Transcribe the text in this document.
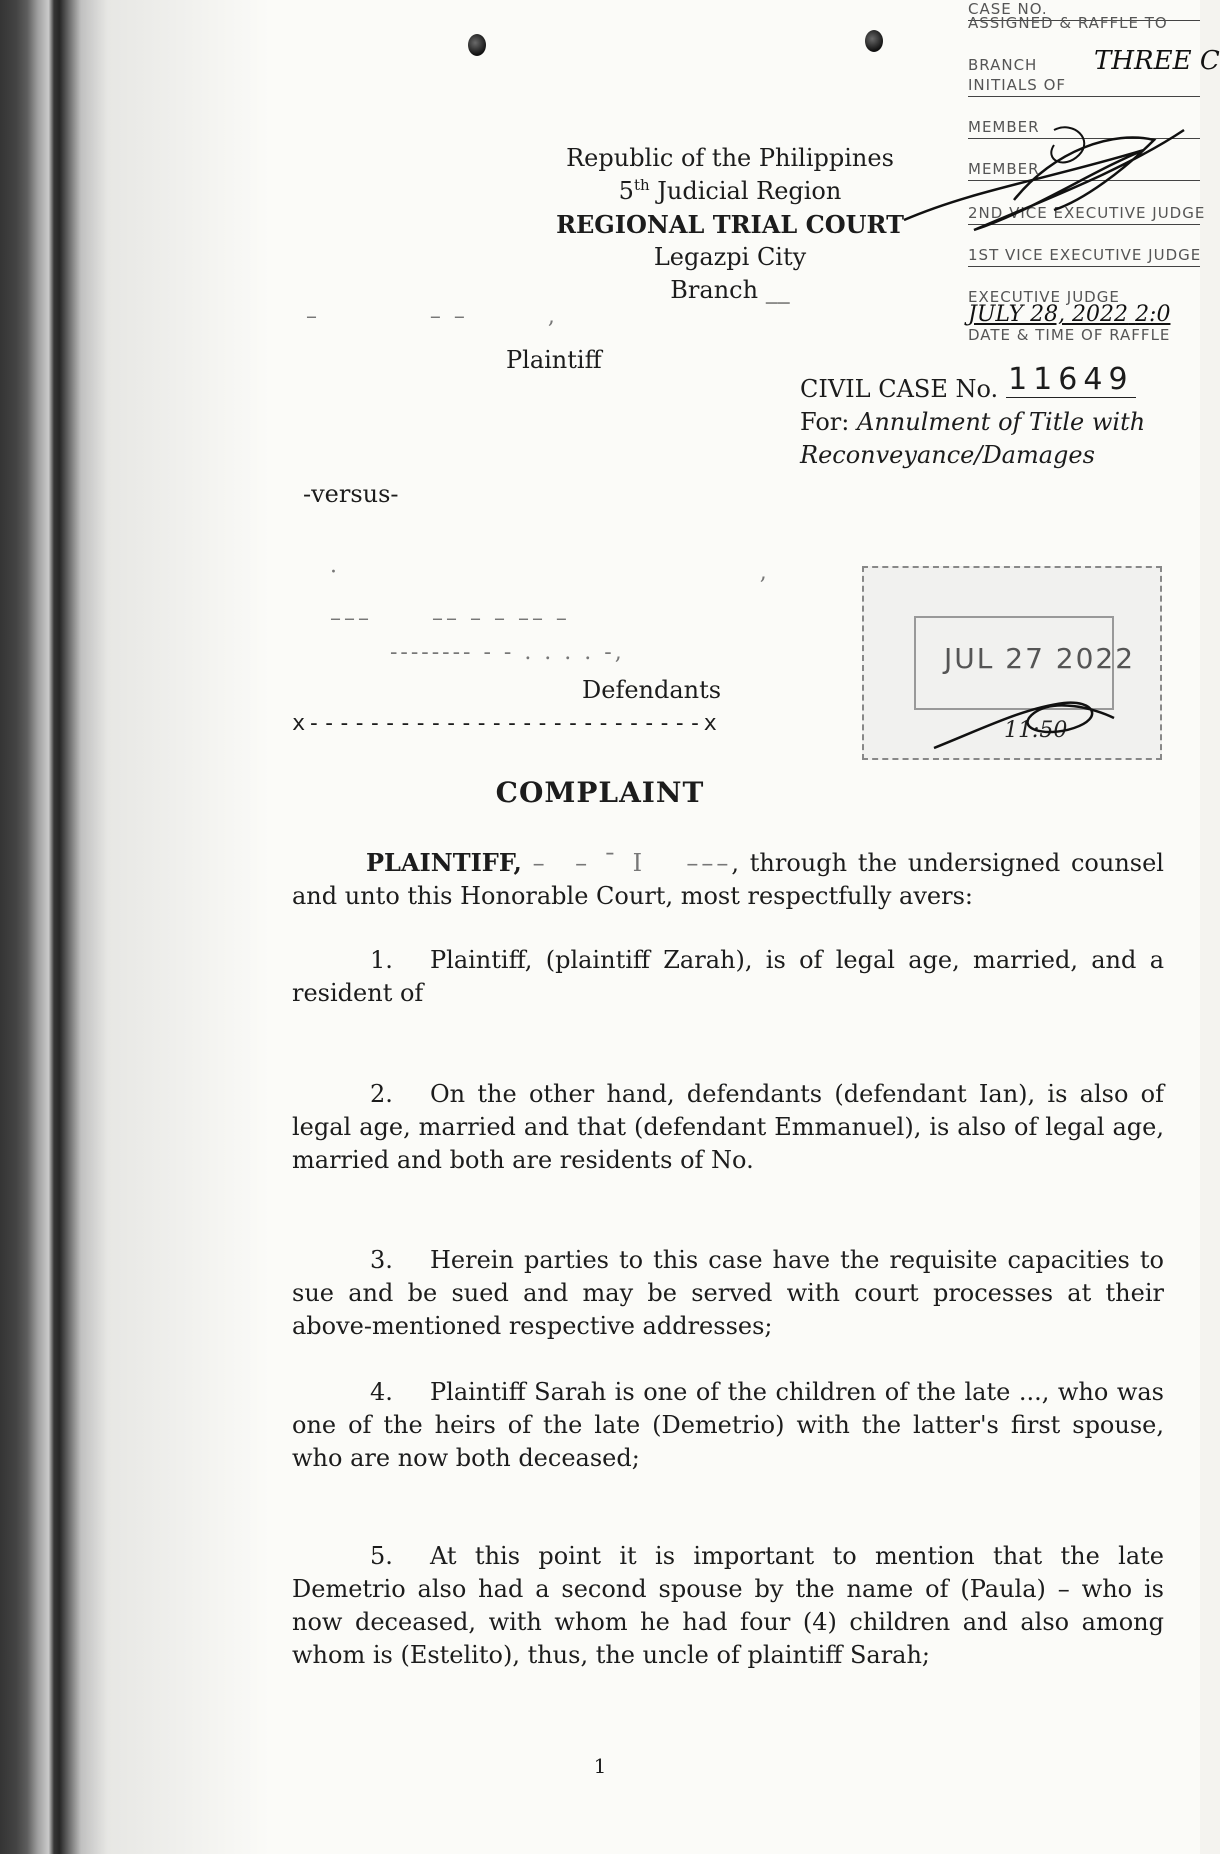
CASE NO.
ASSIGNED & RAFFLE TO
BRANCH	THREE C
INITIALS OF
MEMBER
MEMBER
2ND VICE EXECUTIVE JUDGE
1ST VICE EXECUTIVE JUDGE
EXECUTIVE JUDGE
JULY 28, 2022 2:0
DATE & TIME OF RAFFLE
Republic of the Philippines
5th Judicial Region
REGIONAL TRIAL COURT
Legazpi City
Branch __
–           – –        ,
Plaintiff
CIVIL CASE No. 11649
For: Annulment of Title with
Reconveyance/Damages
-versus-
·                                          ,
–––      –– – – –– –
-------- - - . . . . -,
Defendants
x--------------------------x
JUL 27 2022
11:50
COMPLAINT
PLAINTIFF, –  – ¯ I   –––, through the undersigned counsel and unto this Honorable Court, most respectfully avers:
1. Plaintiff, (plaintiff Zarah), is of legal age, married, and a resident of
2. On the other hand, defendants (defendant Ian), is also of legal age, married and that (defendant Emmanuel), is also of legal age, married and both are residents of No.
3. Herein parties to this case have the requisite capacities to sue and be sued and may be served with court processes at their above-mentioned respective addresses;
4. Plaintiff Sarah is one of the children of the late ..., who was one of the heirs of the late (Demetrio) with the latter's first spouse, who are now both deceased;
5. At this point it is important to mention that the late Demetrio also had a second spouse by the name of (Paula) – who is now deceased, with whom he had four (4) children and also among whom is (Estelito), thus, the uncle of plaintiff Sarah;
1
